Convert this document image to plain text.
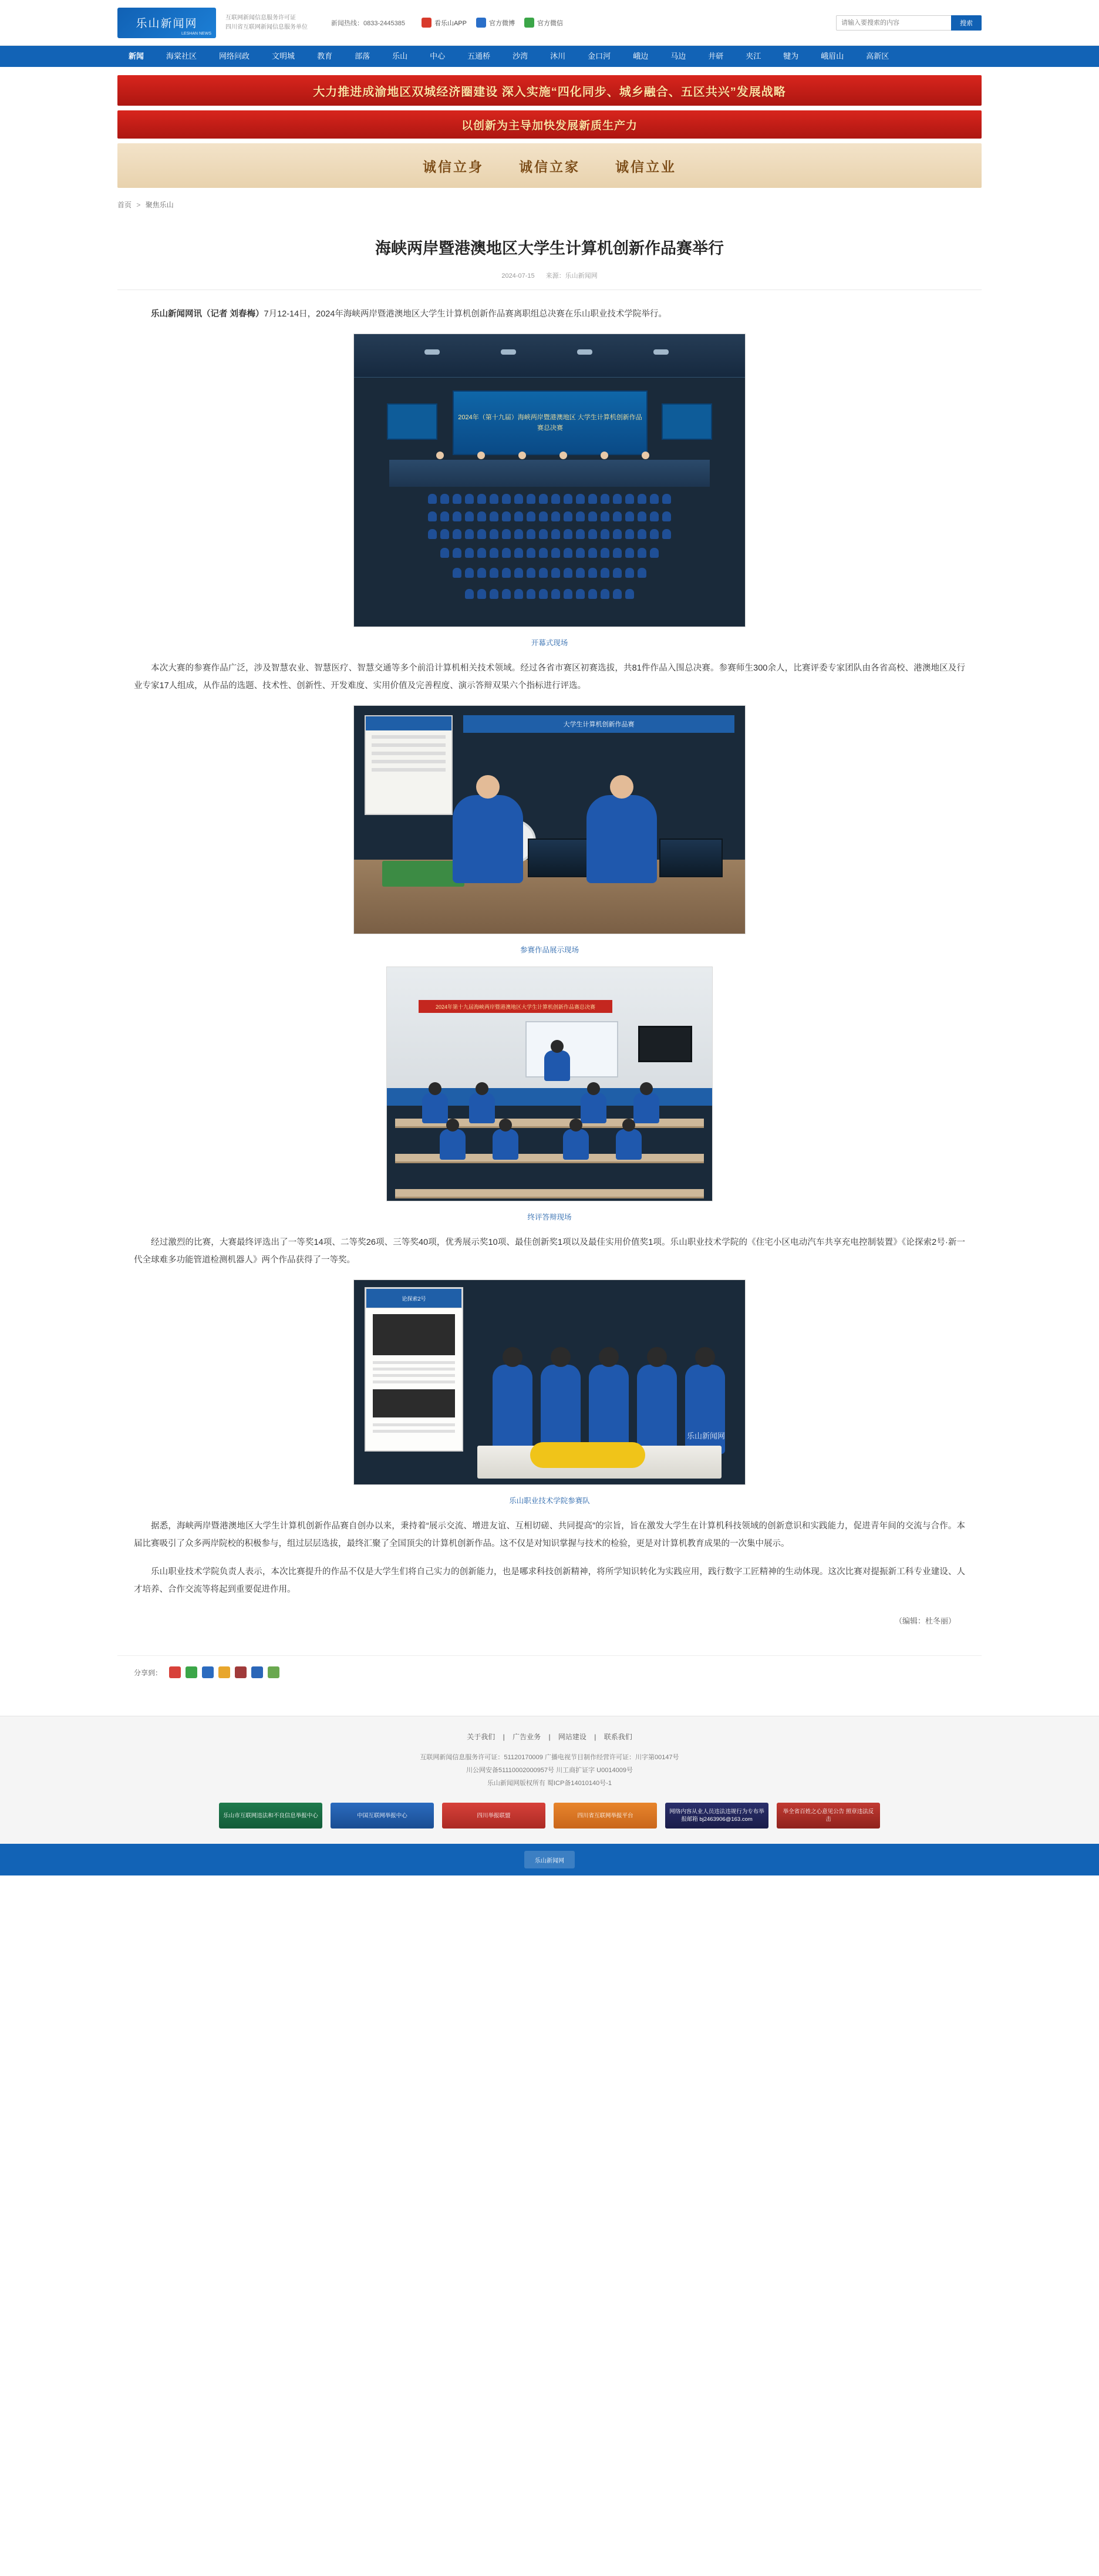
乐山新闻网
LESHAN NEWS
互联网新闻信息服务许可证
四川省互联网新闻信息服务单位
新闻热线：0833-2445385	看乐山APP	官方微博	官方微信
请输入要搜索的内容	搜索
新闻	海棠社区	网络问政	文明城	教育	部落	乐山	中心	五通桥	沙湾	沐川	金口河	峨边	马边	井研	夹江	犍为	峨眉山	高新区
大力推进成渝地区双城经济圈建设 深入实施“四化同步、城乡融合、五区共兴”发展战略
以创新为主导加快发展新质生产力
诚信立身	诚信立家	诚信立业
首页 > 聚焦乐山
海峡两岸暨港澳地区大学生计算机创新作品赛举行
2024-07-15 来源：乐山新闻网

乐山新闻网讯（记者 刘春梅）7月12-14日，2024年海峡两岸暨港澳地区大学生计算机创新作品赛离职组总决赛在乐山职业技术学院举行。

2024年（第十九届）海峡两岸暨港澳地区 大学生计算机创新作品赛总决赛
开幕式现场

本次大赛的参赛作品广泛，涉及智慧农业、智慧医疗、智慧交通等多个前沿计算机相关技术领域。经过各省市赛区初赛选拔，共81件作品入围总决赛。参赛师生300余人，比赛评委专家团队由各省高校、港澳地区及行业专家17人组成，从作品的选题、技术性、创新性、开发难度、实用价值及完善程度、演示答辩双果六个指标进行评选。

大学生计算机创新作品赛
参赛作品展示现场
2024年第十九届海峡两岸暨港澳地区大学生计算机创新作品赛总决赛
终评答辩现场

经过激烈的比赛，大赛最终评选出了一等奖14项、二等奖26项、三等奖40项，优秀展示奖10项、最佳创新奖1项以及最佳实用价值奖1项。乐山职业技术学院的《住宅小区电动汽车共享充电控制装置》《论探索2号·新一代全球难多功能管道检测机器人》两个作品获得了一等奖。

论探索2号
乐山新闻网
乐山职业技术学院参赛队

据悉，海峡两岸暨港澳地区大学生计算机创新作品赛自创办以来，秉持着“展示交流、增进友谊、互相切磋、共同提高”的宗旨，旨在激发大学生在计算机科技领域的创新意识和实践能力，促进青年间的交流与合作。本届比赛吸引了众多两岸院校的积极参与，组过层层选拔，最终汇聚了全国顶尖的计算机创新作品。这不仅是对知识掌握与技术的检验，更是对计算机教育成果的一次集中展示。

乐山职业技术学院负责人表示，本次比赛提升的作品不仅是大学生们将自己实力的创新能力，也是哪求科技创新精神，将所学知识转化为实践应用，践行数字工匠精神的生动体现。这次比赛对提振新工科专业建设、人才培养、合作交流等将起到重要促进作用。

（编辑：杜冬丽）
分享到：
关于我们 | 广告业务 | 网站建设 | 联系我们
互联网新闻信息服务许可证：51120170009 广播电视节目制作经营许可证：川字第00147号
川公网安备51110002000957号 川工商扩证字 U0014009号
乐山新闻网版权所有 蜀ICP备14010140号-1
乐山市互联网违法和不良信息举报中心	中国互联网举报中心	四川举报联盟	四川省互联网举报平台
网络内容从业人员违法违规行为专布举报邮箱 bj2463906@163.com
举全省百姓之心意见公告 照章违法反击
乐山新闻网
